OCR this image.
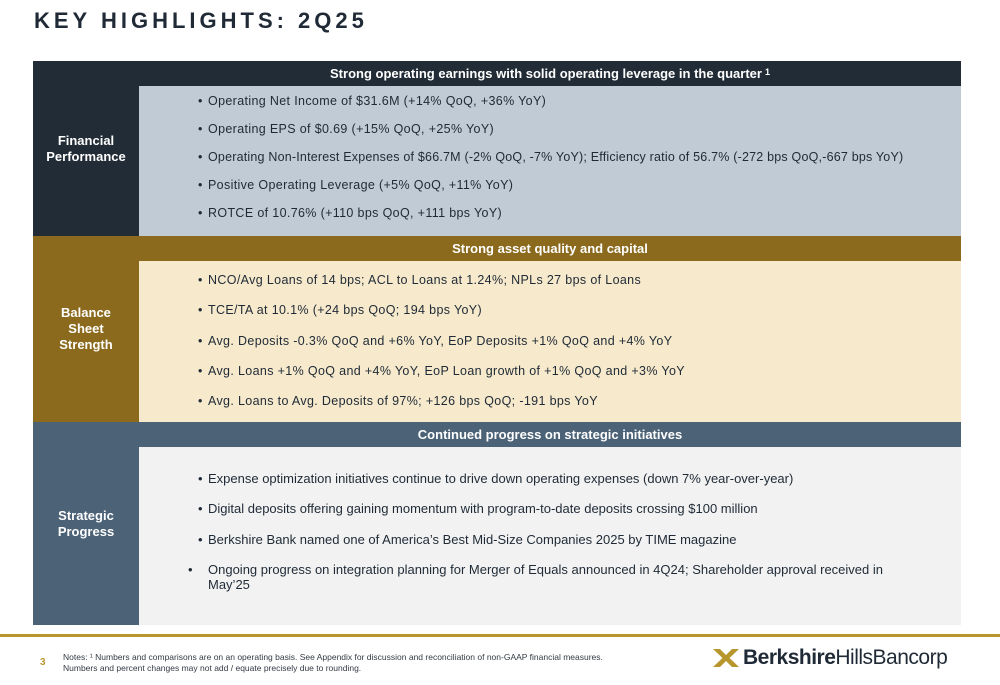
KEY HIGHLIGHTS: 2Q25
Financial
Performance
Strong operating earnings with solid operating leverage in the quarter $^1$
• Operating Net Income of $31.6M (+14% QoQ, +36% YoY)
• Operating EPS of $0.69 (+15% QoQ, +25% YoY)
• Operating Non-Interest Expenses of $66.7M (-2% QoQ, -7% YoY); Efficiency ratio of 56.7% (-272 bps QoQ,-667 bps YoY)
• Positive Operating Leverage (+5% QoQ, +11% YoY)
• ROTCE of 10.76% (+110 bps QoQ, +111 bps YoY)
Balance
Sheet
Strength
Strong asset quality and capital
• NCO/Avg Loans of 14 bps; ACL to Loans at 1.24%; NPLs 27 bps of Loans
• TCE/TA at 10.1% (+24 bps QoQ; 194 bps YoY)
• Avg. Deposits -0.3% QoQ and +6% YoY, EoP Deposits +1% QoQ and +4% YoY
• Avg. Loans +1% QoQ and +4% YoY, EoP Loan growth of +1% QoQ and +3% YoY
• Avg. Loans to Avg. Deposits of 97%; +126 bps QoQ; -191 bps YoY
Strategic
Progress
Continued progress on strategic initiatives
• Expense optimization initiatives continue to drive down operating expenses (down 7% year-over-year)
• Digital deposits offering gaining momentum with program-to-date deposits crossing $100 million
• Berkshire Bank named one of America’s Best Mid-Size Companies 2025 by TIME magazine
• Ongoing progress on integration planning for Merger of Equals announced in 4Q24; Shareholder approval received in May’25
3 Notes: ¹ Numbers and comparisons are on an operating basis. See Appendix for discussion and reconciliation of non-GAAP financial measures.
Numbers and percent changes may not add / equate precisely due to rounding.	BerkshireHillsBancorp
